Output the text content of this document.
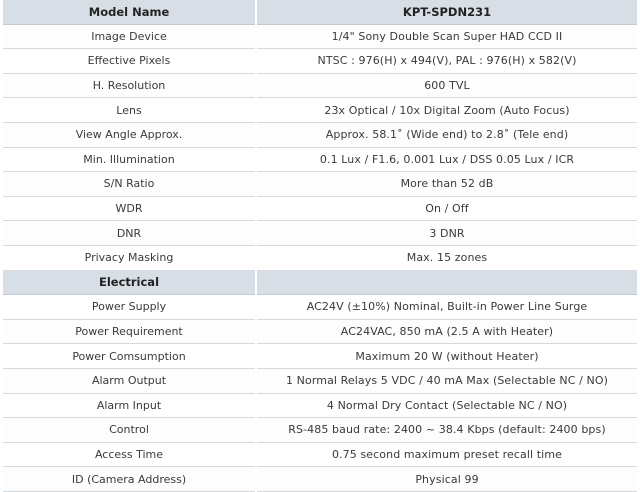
Model Name	KPT-SPDN231
Image Device	1/4" Sony Double Scan Super HAD CCD II
Effective Pixels	NTSC : 976(H) x 494(V), PAL : 976(H) x 582(V)
H. Resolution	600 TVL
Lens	23x Optical / 10x Digital Zoom (Auto Focus)
View Angle Approx.	Approx. 58.1˚ (Wide end) to 2.8˚ (Tele end)
Min. Illumination	0.1 Lux / F1.6, 0.001 Lux / DSS 0.05 Lux / ICR
S/N Ratio	More than 52 dB
WDR	On / Off
DNR	3 DNR
Privacy Masking	Max. 15 zones
Electrical	
Power Supply	AC24V (±10%) Nominal, Built-in Power Line Surge
Power Requirement	AC24VAC, 850 mA (2.5 A with Heater)
Power Comsumption	Maximum 20 W (without Heater)
Alarm Output	1 Normal Relays 5 VDC / 40 mA Max (Selectable NC / NO)
Alarm Input	4 Normal Dry Contact (Selectable NC / NO)
Control	RS-485 baud rate: 2400 ~ 38.4 Kbps (default: 2400 bps)
Access Time	0.75 second maximum preset recall time
ID (Camera Address)	Physical 99
